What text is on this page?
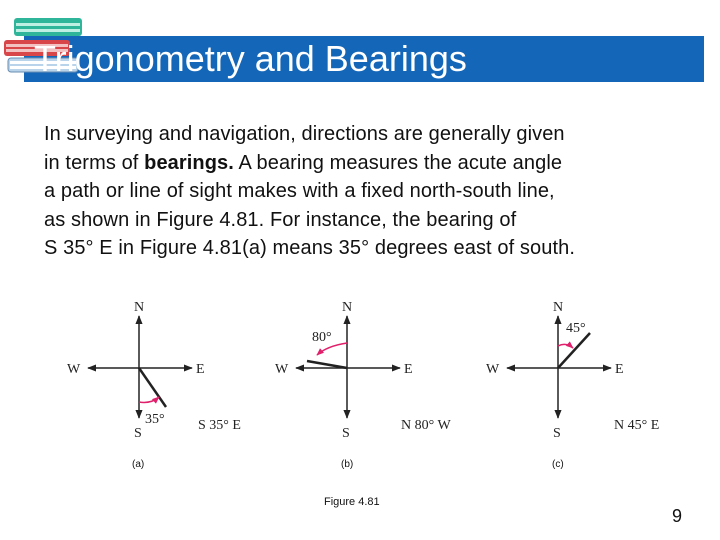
Trigonometry and Bearings
In surveying and navigation, directions are generally given
in terms of bearings. A bearing measures the acute angle
a path or line of sight makes with a fixed north-south line,
as shown in Figure 4.81. For instance, the bearing of
S 35° E in Figure 4.81(a) means 35° degrees east of south.
N
S
E
W
35° S 35° E
(a)
N
S
E
W
80°
N 80° W
(b)
N
S
E
W
45°
N 45° E
(c)
Figure 4.81
9
